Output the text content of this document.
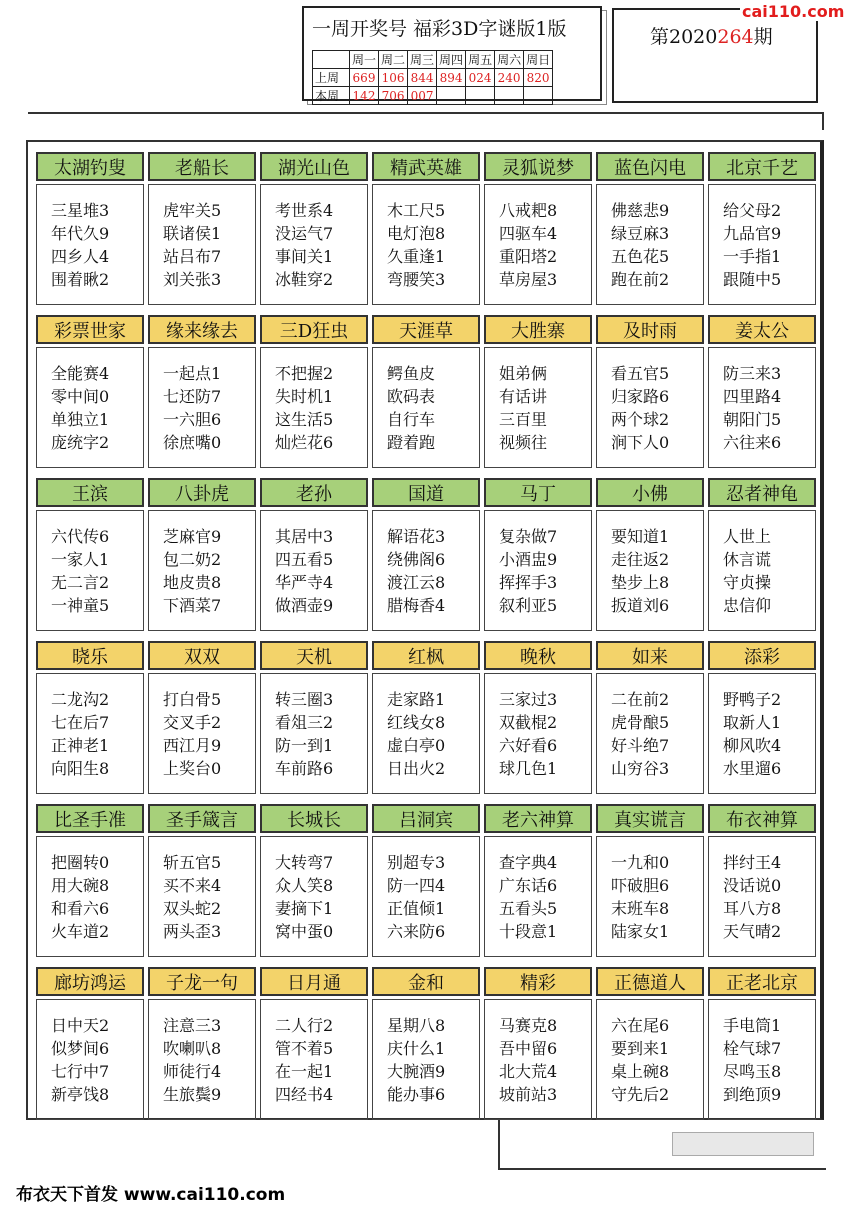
一周开奖号 福彩3D字谜版1版
	周一	周二	周三	周四	周五	周六	周日
上周	669	106	844	894	024	240	820
本周	142	706	007				
第2020264期
cai110.com
太湖钓叟
三星堆3
年代久9
四乡人4
围着瞅2
老船长
虎牢关5
联诸侯1
站吕布7
刘关张3
湖光山色
考世系4
没运气7
事间关1
冰鞋穿2
精武英雄
木工尺5
电灯泡8
久重逢1
弯腰笑3
灵狐说梦
八戒耙8
四驱车4
重阳塔2
草房屋3
蓝色闪电
佛慈悲9
绿豆麻3
五色花5
跑在前2
北京千艺
给父母2
九品官9
一手指1
跟随中5
彩票世家
全能赛4
零中间0
单独立1
庞统字2
缘来缘去
一起点1
七还防7
一六胆6
徐庶嘴0
三D狂虫
不把握2
失时机1
这生活5
灿烂花6
天涯草
鳄鱼皮
欧码表
自行车
蹬着跑
大胜寨
姐弟俩
有话讲
三百里
视频往
及时雨
看五官5
归家路6
两个球2
涧下人0
姜太公
防三来3
四里路4
朝阳门5
六往来6
王滨
六代传6
一家人1
无二言2
一神童5
八卦虎
芝麻官9
包二奶2
地皮贵8
下酒菜7
老孙
其居中3
四五看5
华严寺4
做酒壶9
国道
解语花3
绕佛阁6
渡江云8
腊梅香4
马丁
复杂做7
小酒盅9
挥挥手3
叙利亚5
小佛
要知道1
走往返2
垫步上8
扳道刘6
忍者神龟
人世上
休言谎
守贞操
忠信仰
晓乐
二龙沟2
七在后7
正神老1
向阳生8
双双
打白骨5
交叉手2
西江月9
上奖台0
天机
转三圈3
看俎三2
防一到1
车前路6
红枫
走家路1
红线女8
虚白亭0
日出火2
晚秋
三家过3
双截棍2
六好看6
球几色1
如来
二在前2
虎骨酿5
好斗绝7
山穷谷3
添彩
野鸭子2
取新人1
柳风吹4
水里遛6
比圣手准
把圈转0
用大碗8
和看六6
火车道2
圣手箴言
斩五官5
买不来4
双头蛇2
两头歪3
长城长
大转弯7
众人笑8
妻摘下1
窝中蛋0
吕洞宾
别超专3
防一四4
正值倾1
六来防6
老六神算
查字典4
广东话6
五看头5
十段意1
真实谎言
一九和0
吓破胆6
末班车8
陆家女1
布衣神算
拌纣王4
没话说0
耳八方8
天气晴2
廊坊鸿运
日中天2
似梦间6
七行中7
新亭饯8
子龙一句
注意三3
吹喇叭8
师徒行4
生旅鬓9
日月通
二人行2
管不着5
在一起1
四经书4
金和
星期八8
庆什么1
大腕酒9
能办事6
精彩
马赛克8
吾中留6
北大荒4
坡前站3
正德道人
六在尾6
要到来1
桌上碗8
守先后2
正老北京
手电筒1
栓气球7
尽鸣玉8
到绝顶9
布衣天下首发 www.cai110.com
